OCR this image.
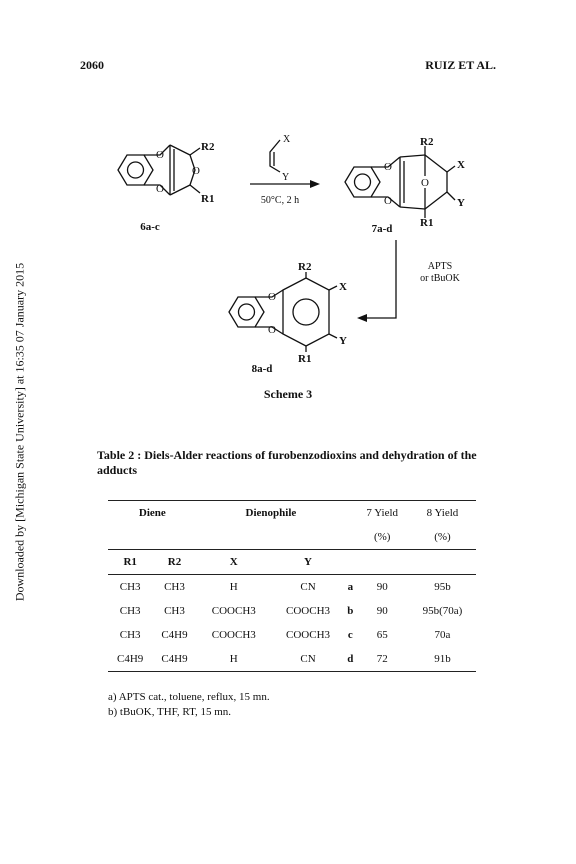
2060	RUIZ ET AL.
Downloaded by [Michigan State University] at 16:35 07 January 2015
O
O
O	O
O
O
O
O
R2
R1
X
Y
R2
R1
X
Y
R2
R1
X
Y
6a-c	7a-d
8a-d
50°C, 2 h
APTS
or tBuOK
Scheme 3
Table 2 : Diels-Alder reactions of furobenzodioxins and dehydration of the adducts
Diene		Dienophile			7 Yield	8 Yield
					(%)	(%)
R1	R2	X	Y			
CH3	CH3	H	CN	a	90	95b
CH3	CH3	COOCH3	COOCH3	b	90	95b(70a)
CH3	C4H9	COOCH3	COOCH3	c	65	70a
C4H9	C4H9	H	CN	d	72	91b
a) APTS cat., toluene, reflux, 15 mn.
b) tBuOK, THF, RT, 15 mn.
